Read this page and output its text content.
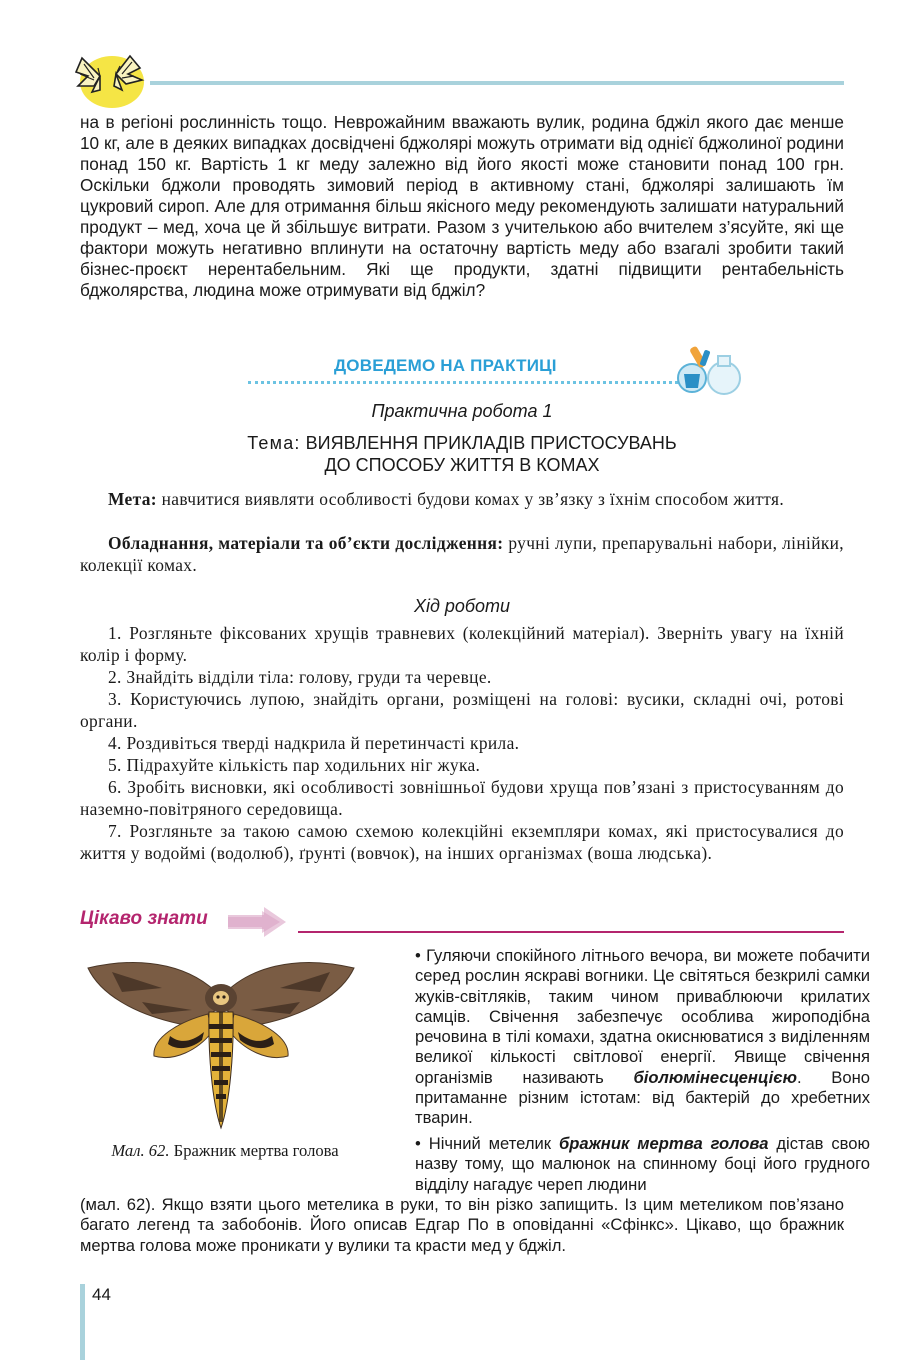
на в регіоні рослинність тощо. Неврожайним вважають вулик, родина бджіл якого дає менше 10 кг, але в деяких випадках досвідчені бджолярі можуть отримати від однієї бджолиної родини понад 150 кг. Вартість 1 кг меду залежно від його якості може становити понад 100 грн. Оскільки бджоли проводять зимовий період в активному стані, бджолярі залишають їм цукровий сироп. Але для отримання більш якісного меду рекомендують залишати натуральний продукт – мед, хоча це й збільшує витрати. Разом з учителькою або вчителем з’ясуйте, які ще фактори можуть негативно вплинути на остаточну вартість меду або взагалі зробити такий бізнес-проєкт нерентабельним. Які ще продукти, здатні підвищити рентабельність бджолярства, людина може отримувати від бджіл?
ДОВЕДЕМО НА ПРАКТИЦІ
Практична робота 1
Тема: ВИЯВЛЕННЯ ПРИКЛАДІВ ПРИСТОСУВАНЬ
ДО СПОСОБУ ЖИТТЯ В КОМАХ
Мета: навчитися виявляти особливості будови комах у зв’язку з їхнім способом життя.
Обладнання, матеріали та об’єкти дослідження: ручні лупи, препарувальні набори, лінійки, колекції комах.
Хід роботи
1. Розгляньте фіксованих хрущів травневих (колекційний матеріал). Зверніть увагу на їхній колір і форму.
2. Знайдіть відділи тіла: голову, груди та черевце.
3. Користуючись лупою, знайдіть органи, розміщені на голові: вусики, складні очі, ротові органи.
4. Роздивіться тверді надкрила й перетинчасті крила.
5. Підрахуйте кількість пар ходильних ніг жука.
6. Зробіть висновки, які особливості зовнішньої будови хруща пов’язані з пристосуванням до наземно-повітряного середовища.
7. Розгляньте за такою самою схемою колекційні екземпляри комах, які пристосувалися до життя у водоймі (водолюб), ґрунті (вовчок), на інших організмах (воша людська).
Цікаво знати
Мал. 62. Бражник мертва голова
• Гуляючи спокійного літнього вечора, ви можете побачити серед рослин яскраві вогники. Це світяться безкрилі самки жуків-світляків, таким чином приваблюючи крилатих самців. Свічення забезпечує особлива жироподібна речовина в тілі комахи, здатна окиснюватися з виділенням великої кількості світлової енергії. Явище свічення організмів називають біолюмінесценцією. Воно притаманне різним істотам: від бактерій до хребетних тварин.
• Нічний метелик бражник мертва голова дістав свою назву тому, що малюнок на спинному боці його грудного відділу нагадує череп людини
(мал. 62). Якщо взяти цього метелика в руки, то він різко запищить. Із цим метеликом пов’язано багато легенд та забобонів. Його описав Едгар По в оповіданні «Сфінкс». Цікаво, що бражник мертва голова може проникати у вулики та красти мед у бджіл.
44
